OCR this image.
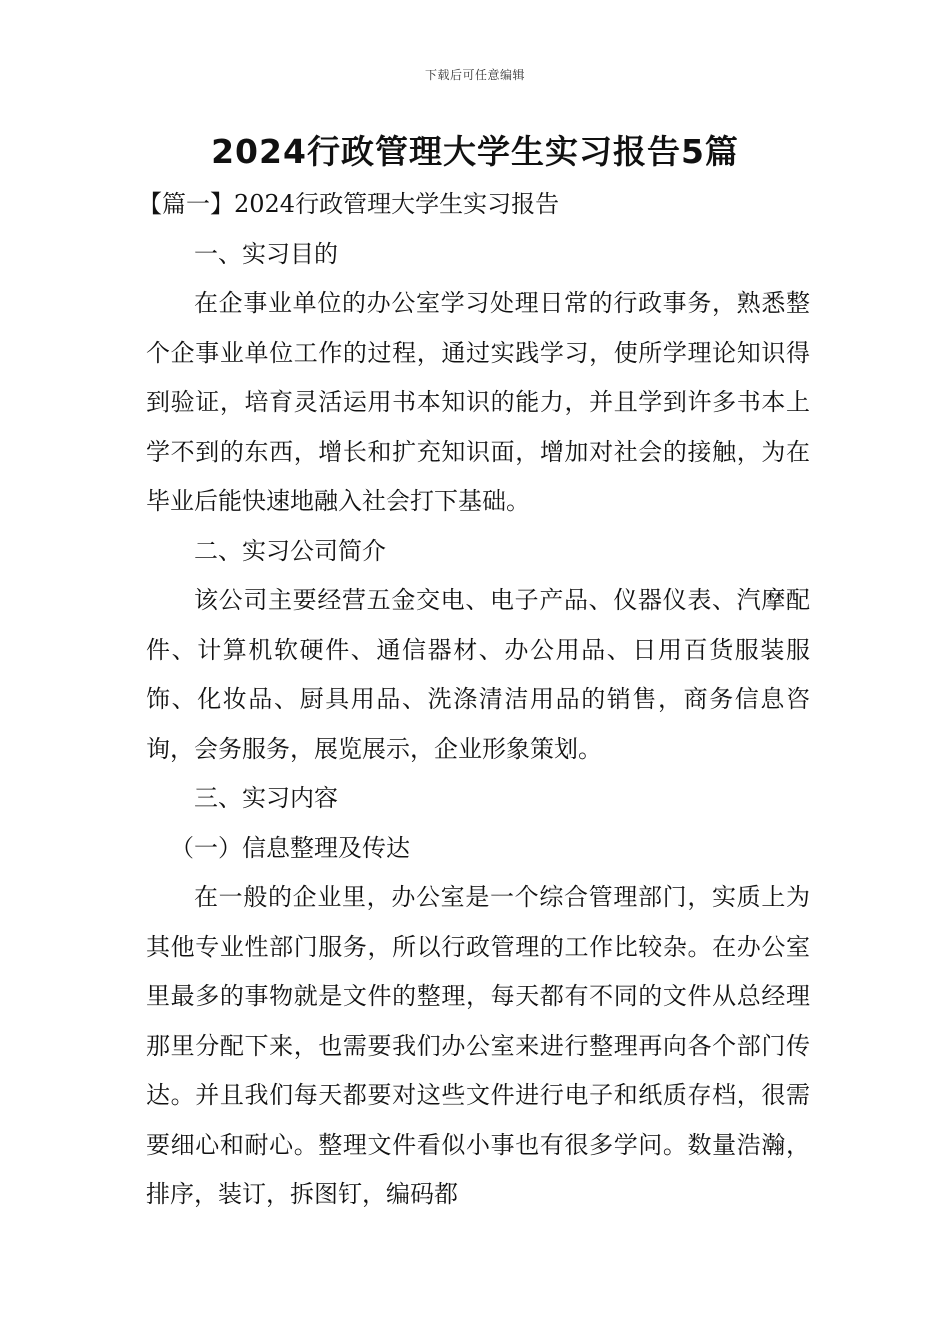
下载后可任意编辑
2024行政管理大学生实习报告5篇

【篇一】2024行政管理大学生实习报告

一、实习目的

在企事业单位的办公室学习处理日常的行政事务，熟悉整个企事业单位工作的过程，通过实践学习，使所学理论知识得到验证，培育灵活运用书本知识的能力，并且学到许多书本上学不到的东西，增长和扩充知识面，增加对社会的接触，为在毕业后能快速地融入社会打下基础。

二、实习公司简介

该公司主要经营五金交电、电子产品、仪器仪表、汽摩配件、计算机软硬件、通信器材、办公用品、日用百货服装服饰、化妆品、厨具用品、洗涤清洁用品的销售，商务信息咨询，会务服务，展览展示，企业形象策划。

三、实习内容

（一）信息整理及传达

在一般的企业里，办公室是一个综合管理部门，实质上为其他专业性部门服务，所以行政管理的工作比较杂。在办公室里最多的事物就是文件的整理，每天都有不同的文件从总经理那里分配下来，也需要我们办公室来进行整理再向各个部门传达。并且我们每天都要对这些文件进行电子和纸质存档，很需要细心和耐心。整理文件看似小事也有很多学问。数量浩瀚，排序，装订，拆图钉，编码都
